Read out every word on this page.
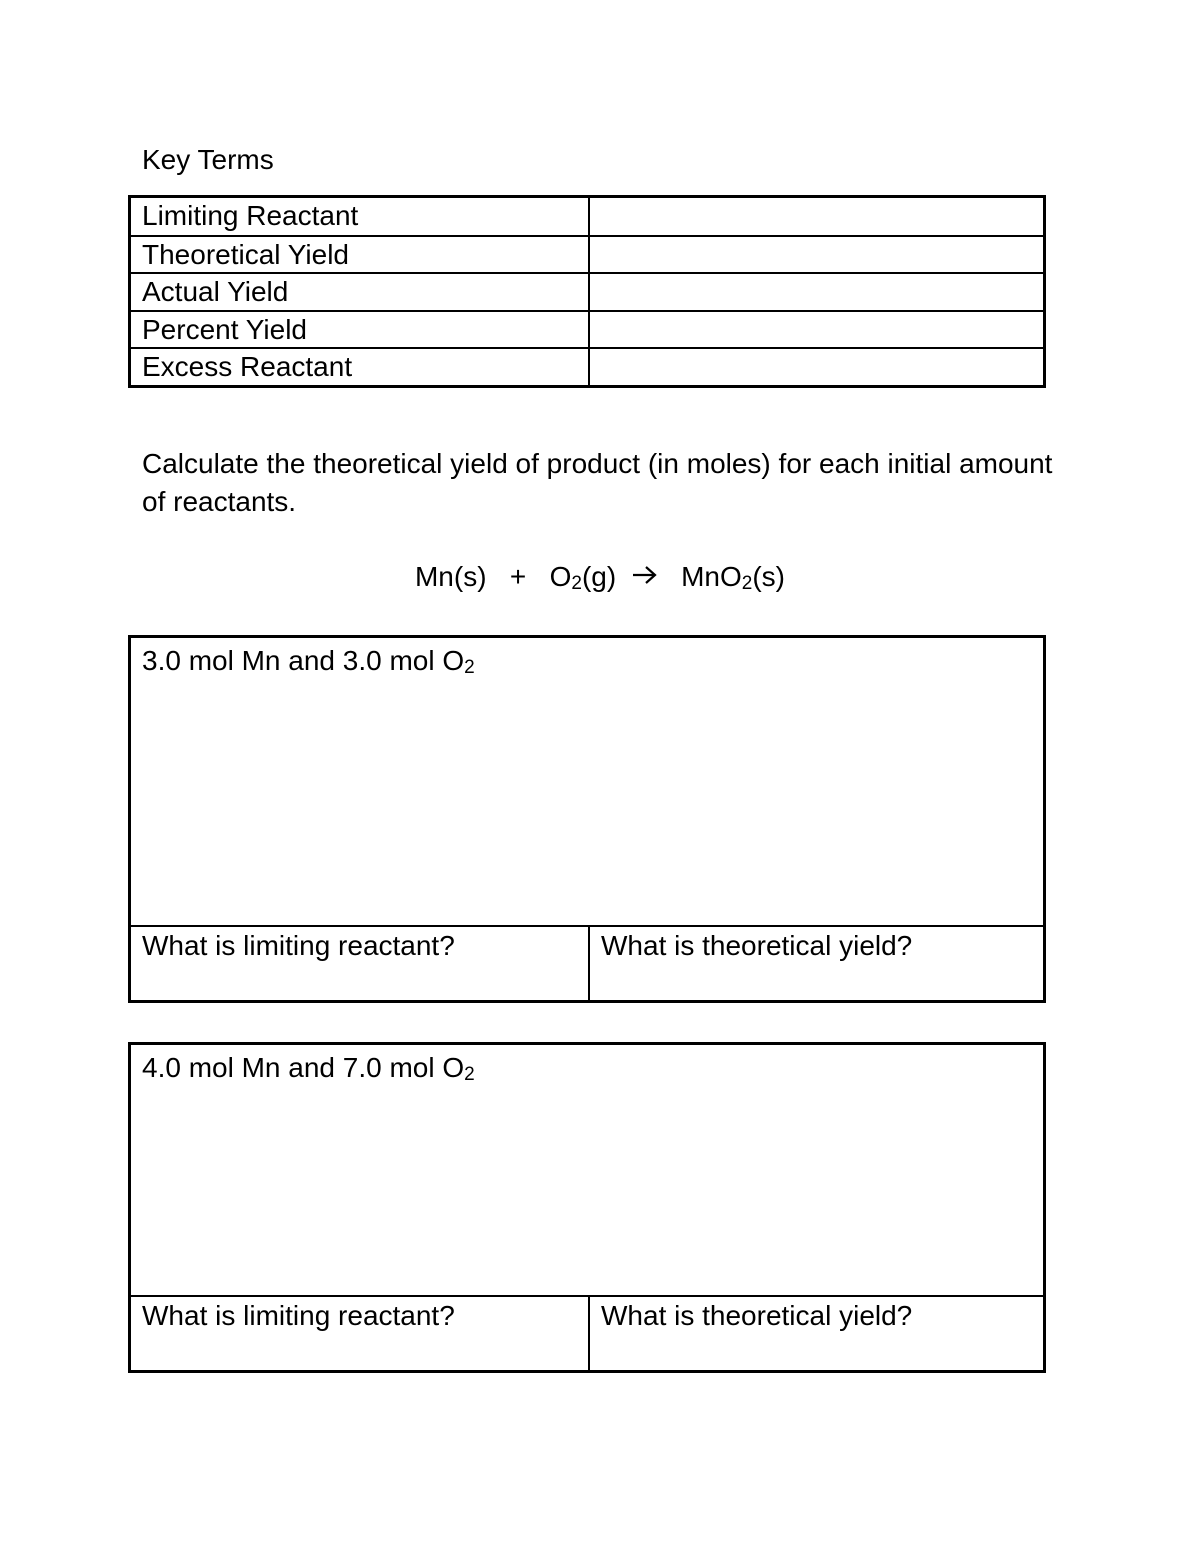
Key Terms
Limiting Reactant
Theoretical Yield
Actual Yield
Percent Yield
Excess Reactant
Calculate the theoretical yield of product (in moles) for each initial amount of reactants.
$Mn(s) + O_2(g)$ MnO$_2$(s)
3.0 mol Mn and 3.0 mol $O_2$
What is limiting reactant?	What is theoretical yield?
4.0 mol Mn and 7.0 mol $O_2$
What is limiting reactant?	What is theoretical yield?
